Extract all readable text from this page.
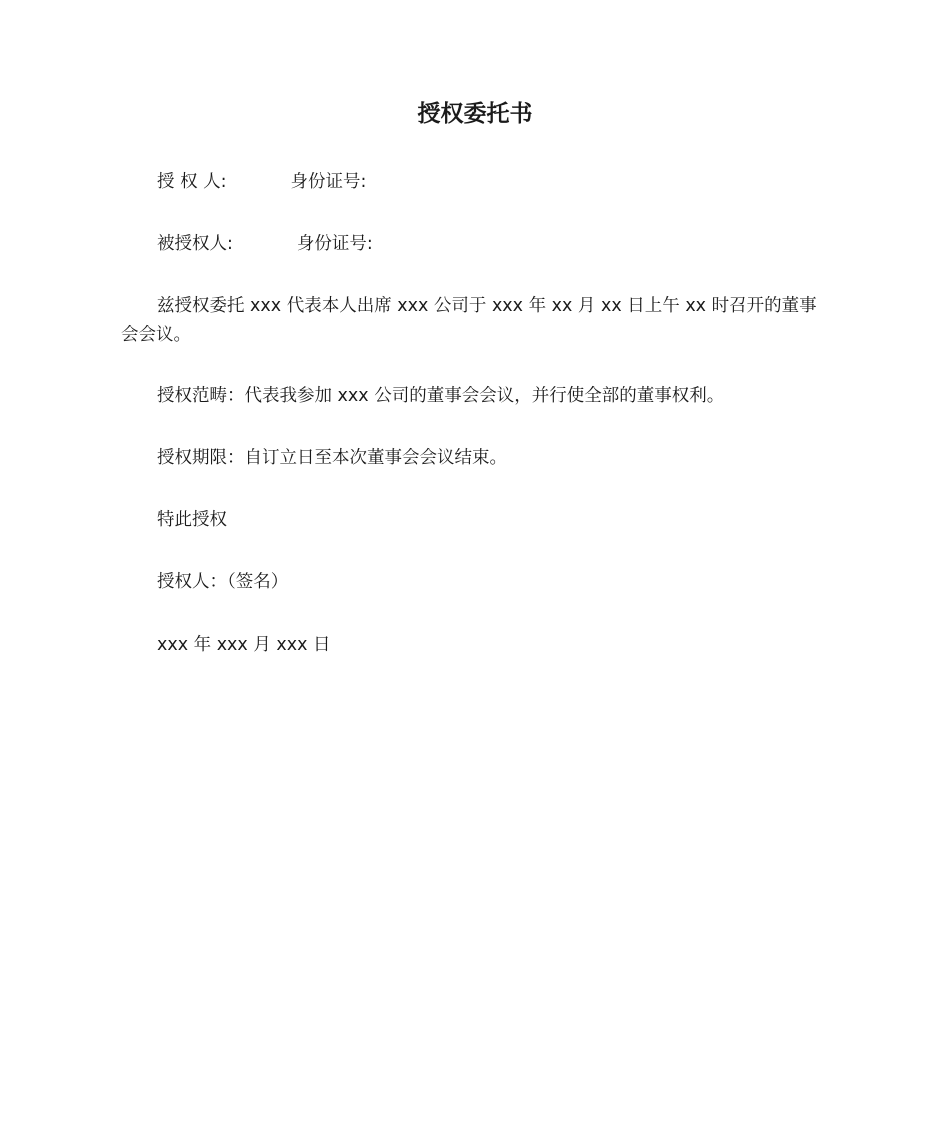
授权委托书
授 权 人:	身份证号:
被授权人:	身份证号:
兹授权委托 xxx 代表本人出席 xxx 公司于 xxx 年 xx 月 xx 日上午 xx 时召开的董事会会议。
授权范畴：代表我参加 xxx 公司的董事会会议，并行使全部的董事权利。
授权期限：自订立日至本次董事会会议结束。
特此授权
授权人：（签名）
xxx 年 xxx 月 xxx 日
